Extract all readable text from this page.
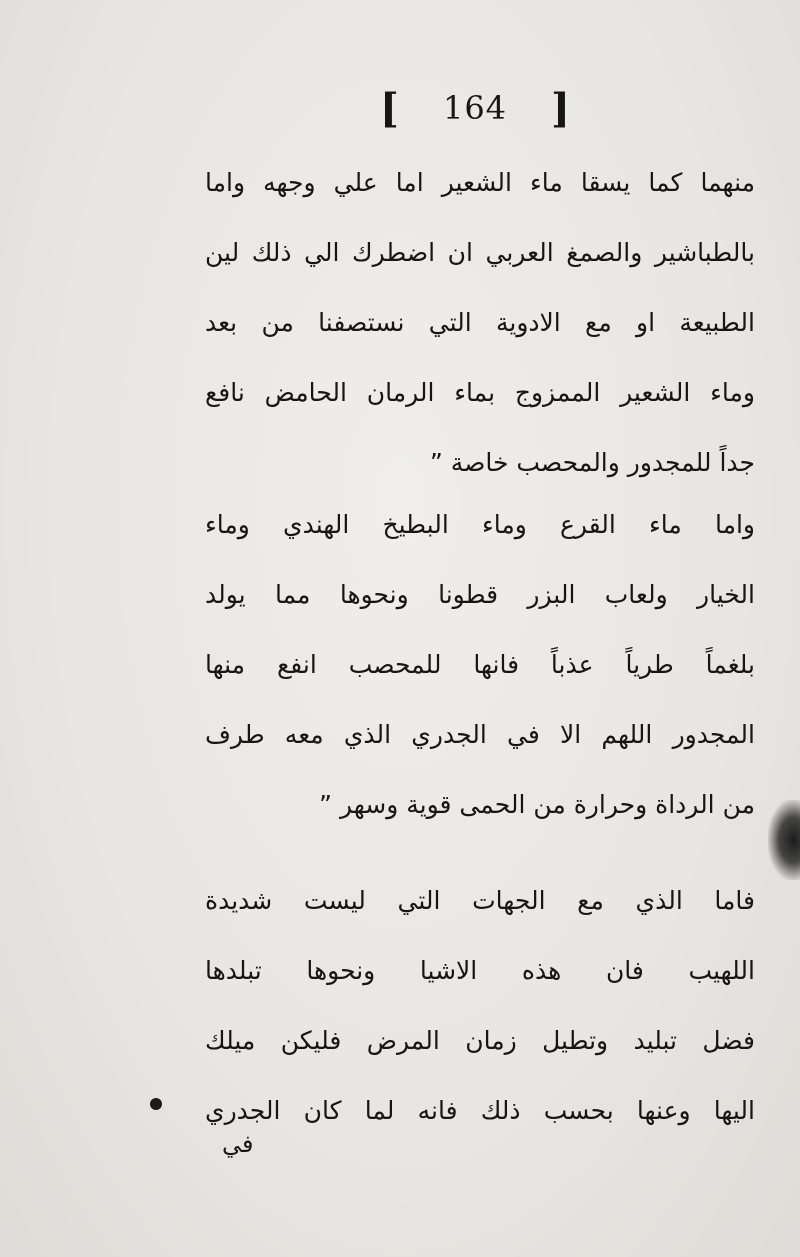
[ 164 ]
منهما كما يسقا ماء الشعير اما علي وجهه واما
بالطباشير والصمغ العربي ان اضطرك الي ذلك لين
الطبيعة او مع الادوية التي نستصفنا من بعد
وماء الشعير الممزوج بماء الرمان الحامض نافع
جداً للمجدور والمحصب خاصة ”
واما ماء القرع وماء البطيخ الهندي وماء
الخيار ولعاب البزر قطونا ونحوها مما يولد
بلغماً طرياً عذباً فانها للمحصب انفع منها
المجدور اللهم الا في الجدري الذي معه طرف
من الرداة وحرارة من الحمى قوية وسهر ”
فاما الذي مع الجهات التي ليست شديدة
اللهيب فان هذه الاشيا ونحوها تبلدها
فضل تبليد وتطيل زمان المرض فليكن ميلك
اليها وعنها بحسب ذلك فانه لما كان الجدري
في
